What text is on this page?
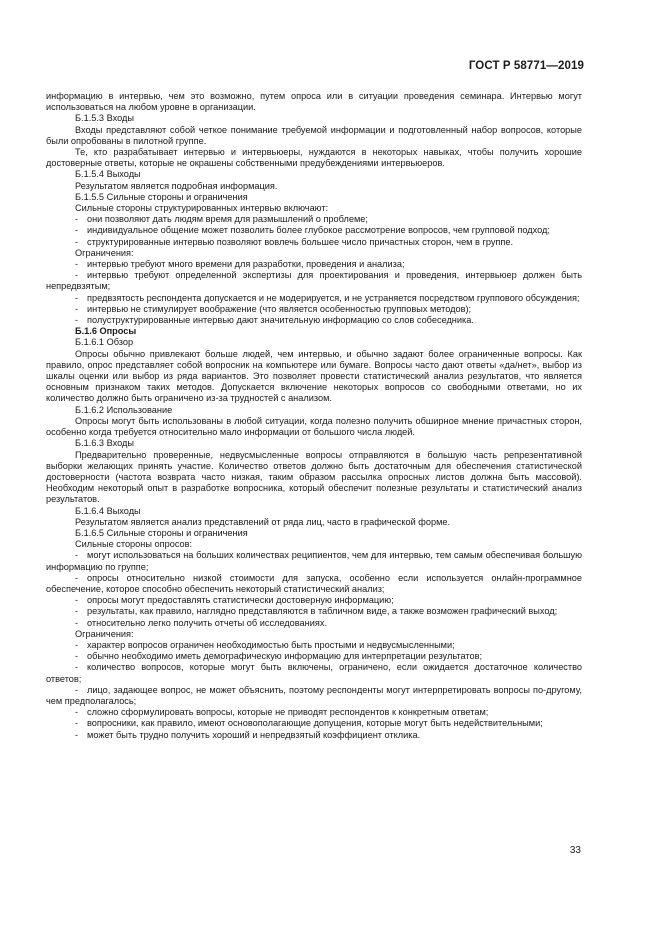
ГОСТ Р 58771—2019

информацию в интервью, чем это возможно, путем опроса или в ситуации проведения семинара. Интервью могут использоваться на любом уровне в организации.

Б.1.5.3 Входы

Входы представляют собой четкое понимание требуемой информации и подготовленный набор вопросов, которые были опробованы в пилотной группе.

Те, кто разрабатывает интервью и интервьюеры, нуждаются в некоторых навыках, чтобы получить хорошие достоверные ответы, которые не окрашены собственными предубеждениями интервьюеров.

Б.1.5.4 Выходы

Результатом является подробная информация.

Б.1.5.5 Сильные стороны и ограничения

Сильные стороны структурированных интервью включают:

- они позволяют дать людям время для размышлений о проблеме;

- индивидуальное общение может позволить более глубокое рассмотрение вопросов, чем групповой подход;

- структурированные интервью позволяют вовлечь большее число причастных сторон, чем в группе.

Ограничения:

- интервью требуют много времени для разработки, проведения и анализа;

- интервью требуют определенной экспертизы для проектирования и проведения, интервьюер должен быть непредвзятым;

- предвзятость респондента допускается и не модерируется, и не устраняется посредством группового обсуждения;

- интервью не стимулирует воображение (что является особенностью групповых методов);

- полуструктурированные интервью дают значительную информацию со слов собеседника.

Б.1.6 Опросы

Б.1.6.1 Обзор

Опросы обычно привлекают больше людей, чем интервью, и обычно задают более ограниченные вопросы. Как правило, опрос представляет собой вопросник на компьютере или бумаге. Вопросы часто дают ответы «да/нет», выбор из шкалы оценки или выбор из ряда вариантов. Это позволяет провести статистический анализ результатов, что является основным признаком таких методов. Допускается включение некоторых вопросов со свободными ответами, но их количество должно быть ограничено из-за трудностей с анализом.

Б.1.6.2 Использование

Опросы могут быть использованы в любой ситуации, когда полезно получить обширное мнение причастных сторон, особенно когда требуется относительно мало информации от большого числа людей.

Б.1.6.3 Входы

Предварительно проверенные, недвусмысленные вопросы отправляются в большую часть репрезентативной выборки желающих принять участие. Количество ответов должно быть достаточным для обеспечения статистической достоверности (частота возврата часто низкая, таким образом рассылка опросных листов должна быть массовой). Необходим некоторый опыт в разработке вопросника, который обеспечит полезные результаты и статистический анализ результатов.

Б.1.6.4 Выходы

Результатом является анализ представлений от ряда лиц, часто в графической форме.

Б.1.6.5 Сильные стороны и ограничения

Сильные стороны опросов:

- могут использоваться на больших количествах реципиентов, чем для интервью, тем самым обеспечивая большую информацию по группе;

- опросы относительно низкой стоимости для запуска, особенно если используется онлайн-программное обеспечение, которое способно обеспечить некоторый статистический анализ;

- опросы могут предоставлять статистически достоверную информацию;

- результаты, как правило, наглядно представляются в табличном виде, а также возможен графический выход;

- относительно легко получить отчеты об исследованиях.

Ограничения:

- характер вопросов ограничен необходимостью быть простыми и недвусмысленными;

- обычно необходимо иметь демографическую информацию для интерпретации результатов;

- количество вопросов, которые могут быть включены, ограничено, если ожидается достаточное количество ответов;

- лицо, задающее вопрос, не может объяснить, поэтому респонденты могут интерпретировать вопросы по-другому, чем предполагалось;

- сложно сформулировать вопросы, которые не приводят респондентов к конкретным ответам;

- вопросники, как правило, имеют основополагающие допущения, которые могут быть недействительными;

- может быть трудно получить хороший и непредвзятый коэффициент отклика.

33
